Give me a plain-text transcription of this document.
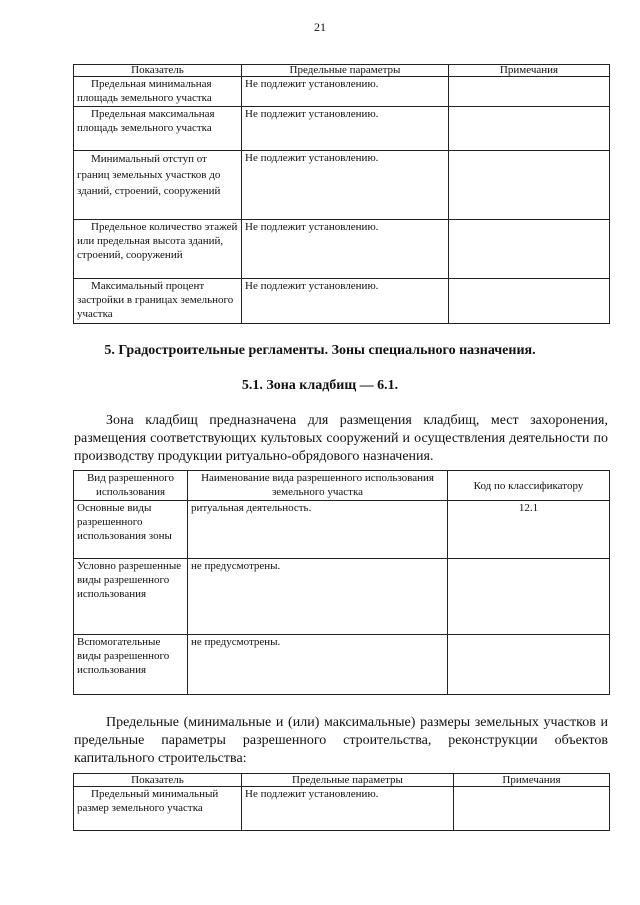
21
Показатель	Предельные параметры	Примечания
Предельная минимальная площадь земельного участка	Не подлежит установлению.	
Предельная максимальная площадь земельного участка	Не подлежит установлению.	
Минимальный отступ от границ земельных участков до зданий, строений, сооружений	Не подлежит установлению.	
Предельное количество этажей или предельная высота зданий, строений, сооружений	Не подлежит установлению.	
Максимальный процент застройки в границах земельного участка	Не подлежит установлению.	
5. Градостроительные регламенты. Зоны специального назначения.
5.1. Зона кладбищ — 6.1.
Зона кладбищ предназначена для размещения кладбищ, мест захоронения, размещения соответствующих культовых сооружений и осуществления деятельности по производству продукции ритуально-обрядового назначения.
Вид разрешенного использования	Наименование вида разрешенного использования земельного участка	Код по классификатору
Основные виды разрешенного использования зоны	ритуальная деятельность.	12.1
Условно разрешенные виды разрешенного использования	не предусмотрены.	
Вспомогательные виды разрешенного использования	не предусмотрены.	
Предельные (минимальные и (или) максимальные) размеры земельных участков и предельные параметры разрешенного строительства, реконструкции объектов капитального строительства:
Показатель	Предельные параметры	Примечания
Предельный минимальный размер земельного участка	Не подлежит установлению.	
